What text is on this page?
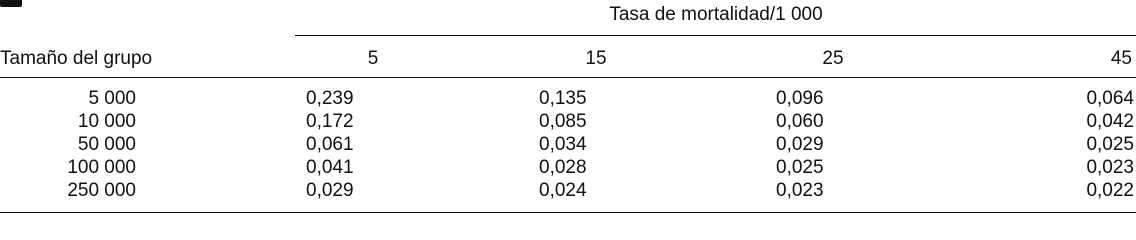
Tasa de mortalidad/1 000
Tamaño del grupo	5	15	25	45
5 000	0,239	0,135	0,096	0,064
10 000	0,172	0,085	0,060	0,042
50 000	0,061	0,034	0,029	0,025
100 000	0,041	0,028	0,025	0,023
250 000	0,029	0,024	0,023	0,022
